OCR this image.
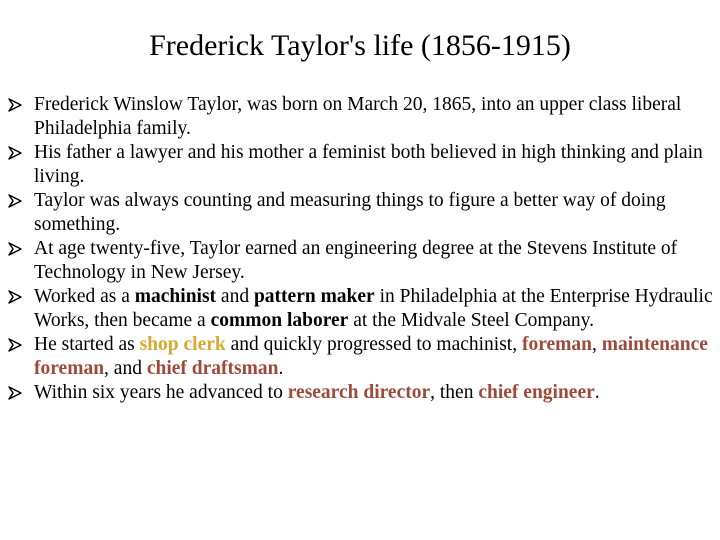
Frederick Taylor's life (1856-1915)
Frederick Winslow Taylor, was born on March 20, 1865, into an upper class liberal Philadelphia family.
His father a lawyer and his mother a feminist both believed in high thinking and plain living.
Taylor was always counting and measuring things to figure a better way of doing something.
At age twenty-five, Taylor earned an engineering degree at the Stevens Institute of Technology in New Jersey.
Worked as a machinist and pattern maker in Philadelphia at the Enterprise Hydraulic Works, then became a common laborer at the Midvale Steel Company.
He started as shop clerk and quickly progressed to machinist, foreman, maintenance foreman, and chief draftsman.
Within six years he advanced to research director, then chief engineer.
